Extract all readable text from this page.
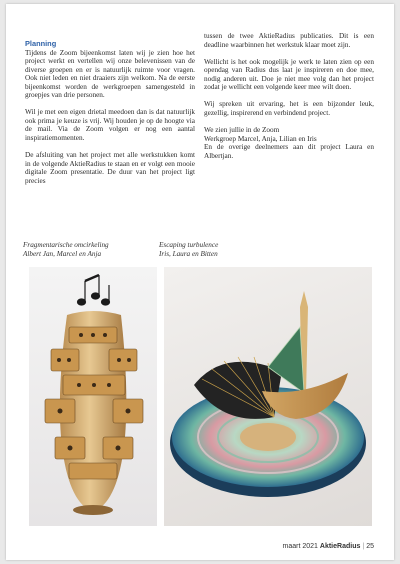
Planning

Tijdens de Zoom bijeenkomst laten wij je zien hoe het project werkt en vertellen wij onze belevenissen van de diverse groepen en er is natuurlijk ruimte voor vragen. Ook niet leden en niet draaiers zijn welkom. Na de eerste bijeenkomst worden de werkgroepen samengesteld in groepjes van drie personen.

Wil je met een eigen drietal meedoen dan is dat natuurlijk ook prima je keuze is vrij. Wij houden je op de hoogte via de mail. Via de Zoom volgen er nog een aantal inspiratiemomenten.

De afsluiting van het project met alle werkstukken komt in de volgende AktieRadius te staan en er volgt een mooie digitale Zoom presentatie. De duur van het project ligt precies

tussen de twee AktieRadius publicaties. Dit is een deadline waarbinnen het werkstuk klaar moet zijn.

Wellicht is het ook mogelijk je werk te laten zien op een opendag van Radius dus laat je inspireren en doe mee, nodig anderen uit. Doe je niet mee volg dan het project zodat je wellicht een volgende keer mee wilt doen.

Wij spreken uit ervaring, het is een bijzonder leuk, gezellig, inspirerend en verbindend project.

We zien jullie in de Zoom

Werkgroep Marcel, Anja, Lilian en Iris

En de overige deelnemers aan dit project Laura en Albertjan.

Fragmentarische omcirkeling
Albert Jan, Marcel en Anja
Escaping turbulence
Iris, Laura en Bitten
maart 2021 AktieRadius | 25
